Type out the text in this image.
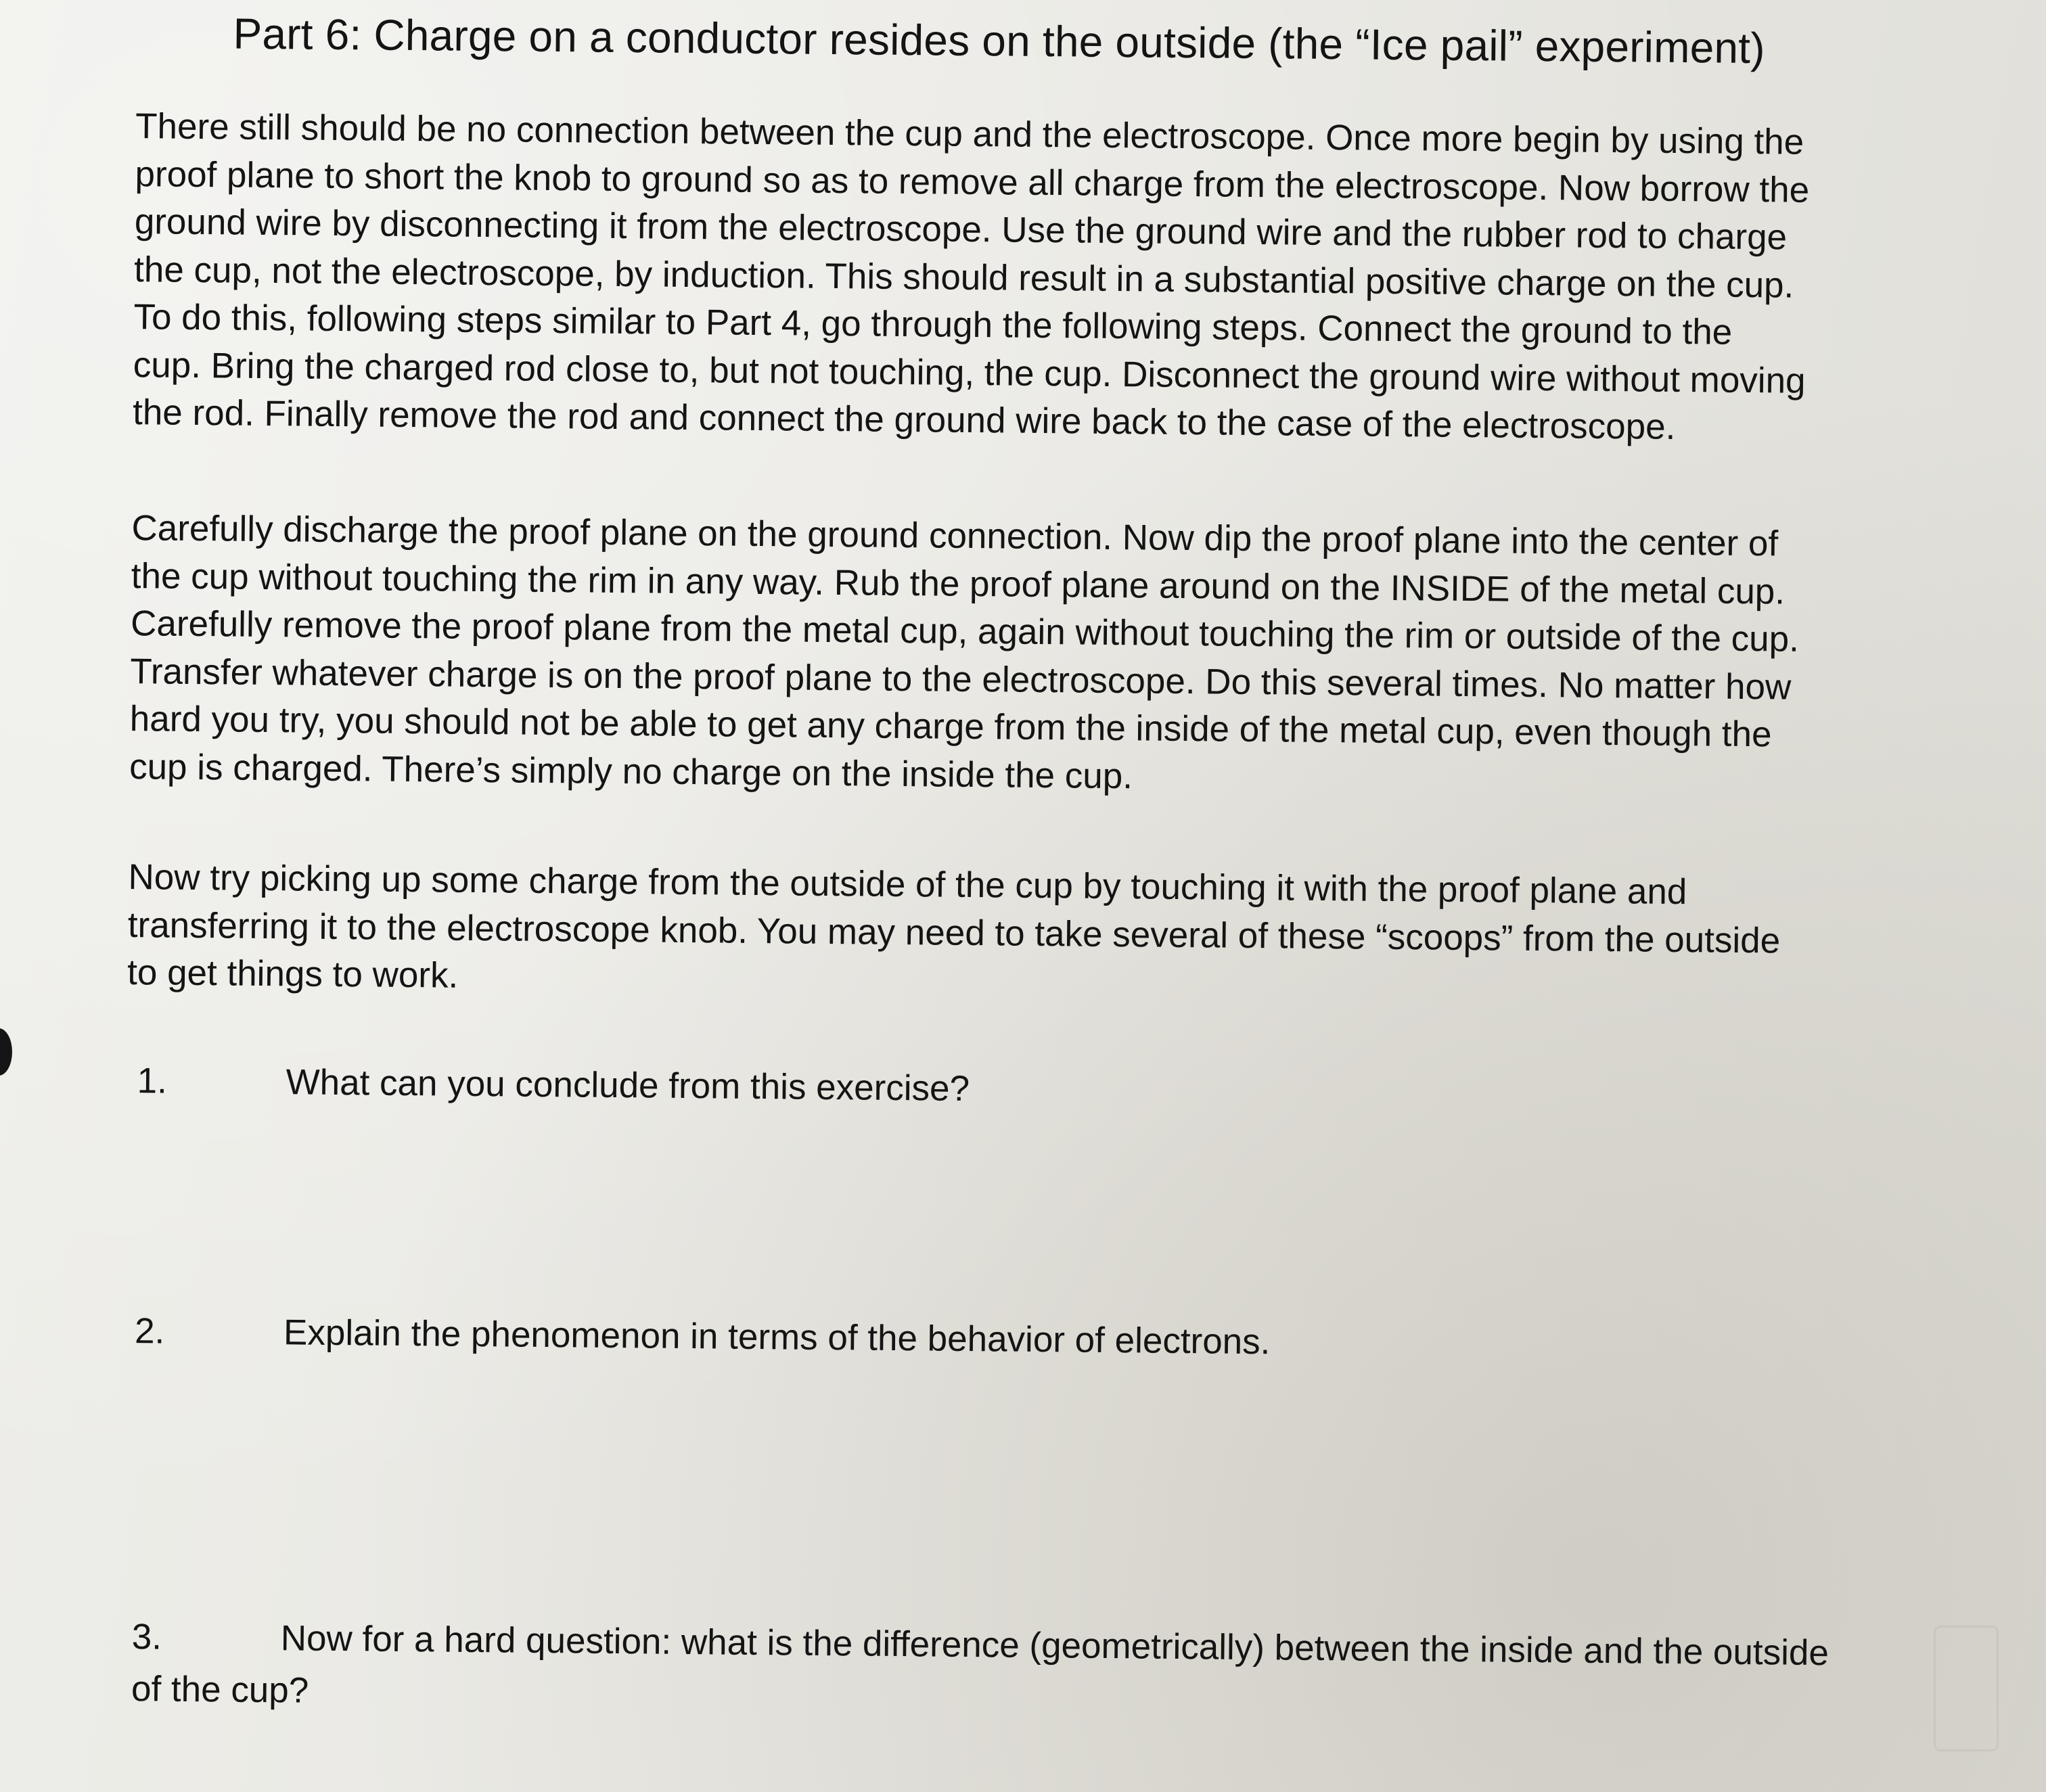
Part 6: Charge on a conductor resides on the outside (the “Ice pail” experiment)

There still should be no connection between the cup and the electroscope. Once more begin by using the
proof plane to short the knob to ground so as to remove all charge from the electroscope. Now borrow the
ground wire by disconnecting it from the electroscope. Use the ground wire and the rubber rod to charge
the cup, not the electroscope, by induction. This should result in a substantial positive charge on the cup.
To do this, following steps similar to Part 4, go through the following steps. Connect the ground to the
cup. Bring the charged rod close to, but not touching, the cup. Disconnect the ground wire without moving
the rod. Finally remove the rod and connect the ground wire back to the case of the electroscope.

Carefully discharge the proof plane on the ground connection. Now dip the proof plane into the center of
the cup without touching the rim in any way. Rub the proof plane around on the INSIDE of the metal cup.
Carefully remove the proof plane from the metal cup, again without touching the rim or outside of the cup.
Transfer whatever charge is on the proof plane to the electroscope. Do this several times. No matter how
hard you try, you should not be able to get any charge from the inside of the metal cup, even though the
cup is charged. There’s simply no charge on the inside the cup.

Now try picking up some charge from the outside of the cup by touching it with the proof plane and
transferring it to the electroscope knob. You may need to take several of these “scoops” from the outside
to get things to work.

1.	What can you conclude from this exercise?
2.	Explain the phenomenon in terms of the behavior of electrons.
3.	Now for a hard question: what is the difference (geometrically) between the inside and the outside
of the cup?
